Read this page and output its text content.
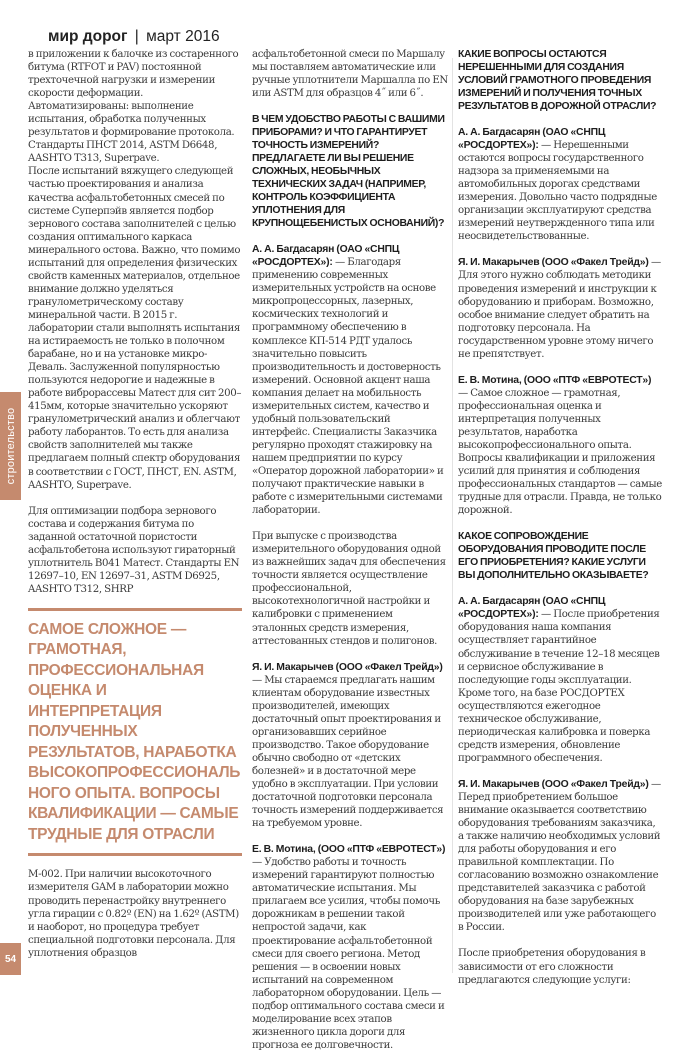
мир дорог | март 2016
строительство
54

в приложении к балочке из состаренного битума (RTFOT и PAV) постоянной трехточечной нагрузки и измерении скорости деформации. Автоматизированы: выполнение испытания, обработка полученных результатов и формирование протокола. Стандарты ПНСТ 2014, ASTM D6648, AASHTO T313, Superpave.

После испытаний вяжущего следующей частью проектирования и анализа качества асфальтобетонных смесей по системе Суперпэйв является подбор зернового состава заполнителей с целью создания оптимального каркаса минерального остова. Важно, что помимо испытаний для определения физических свойств каменных материалов, отдельное внимание должно уделяться гранулометрическому составу минеральной части. В 2015 г. лаборатории стали выполнять испытания на истираемость не только в полочном барабане, но и на установке микро-Деваль. Заслуженной популярностью пользуются недорогие и надежные в работе виброрассевы Матест для сит 200–415мм, которые значительно ускоряют гранулометрический анализ и облегчают работу лаборантов. То есть для анализа свойств заполнителей мы также предлагаем полный спектр оборудования в соответствии с ГОСТ, ПНСТ, EN. ASTM, AASHTO, Superpave.

Для оптимизации подбора зернового состава и содержания битума по заданной остаточной пористости асфальтобетона используют гираторный уплотнитель B041 Матест. Стандарты EN 12697–10, EN 12697–31, ASTM D6925, AASHTO T312, SHRP

САМОЕ СЛОЖНОЕ — ГРАМОТНАЯ, ПРОФЕССИОНАЛЬНАЯ ОЦЕНКА И ИНТЕРПРЕТАЦИЯ ПОЛУЧЕННЫХ РЕЗУЛЬТАТОВ, НАРАБОТКА ВЫСОКОПРОФЕССИОНАЛЬНОГО ОПЫТА. ВОПРОСЫ КВАЛИФИКАЦИИ — САМЫЕ ТРУДНЫЕ ДЛЯ ОТРАСЛИ

M-002. При наличии высокоточного измерителя GAM в лаборатории можно проводить перенастройку внутреннего угла гирации с 0.82º (EN) на 1.62º (ASTM) и наоборот, но процедура требует специальной подготовки персонала. Для уплотнения образцов

асфальтобетонной смеси по Маршалу мы поставляем автоматические или ручные уплотнители Маршалла по EN или ASTM для образцов 4˝ или 6˝.

В ЧЕМ УДОБСТВО РАБОТЫ С ВАШИМИ ПРИБОРАМИ? И ЧТО ГАРАНТИРУЕТ ТОЧНОСТЬ ИЗМЕРЕНИЙ? ПРЕДЛАГАЕТЕ ЛИ ВЫ РЕШЕНИЕ СЛОЖНЫХ, НЕОБЫЧНЫХ ТЕХНИЧЕСКИХ ЗАДАЧ (НАПРИМЕР, КОНТРОЛЬ КОЭФФИЦИЕНТА УПЛОТНЕНИЯ ДЛЯ КРУПНОЩЕБЕНИСТЫХ ОСНОВАНИЙ)?

А. А. Багдасарян (ОАО «СНПЦ «РОСДОРТЕХ»): — Благодаря применению современных измерительных устройств на основе микропроцессорных, лазерных, космических технологий и программному обеспечению в комплексе КП-514 РДТ удалось значительно повысить производительность и достоверность измерений. Основной акцент наша компания делает на мобильность измерительных систем, качество и удобный пользовательский интерфейс. Специалисты Заказчика регулярно проходят стажировку на нашем предприятии по курсу «Оператор дорожной лаборатории» и получают практические навыки в работе с измерительными системами лаборатории.

При выпуске с производства измерительного оборудования одной из важнейших задач для обеспечения точности является осуществление профессиональной, высокотехнологичной настройки и калибровки с применением эталонных средств измерения, аттестованных стендов и полигонов.

Я. И. Макарычев (ООО «Факел Трейд») — Мы стараемся предлагать нашим клиентам оборудование известных производителей, имеющих достаточный опыт проектирования и организовавших серийное производство. Такое оборудование обычно свободно от «детских болезней» и в достаточной мере удобно в эксплуатации. При условии достаточной подготовки персонала точность измерений поддерживается на требуемом уровне.

Е. В. Мотина, (ООО «ПТФ «ЕВРОТЕСТ») — Удобство работы и точность измерений гарантируют полностью автоматические испытания. Мы прилагаем все усилия, чтобы помочь дорожникам в решении такой непростой задачи, как проектирование асфальтобетонной смеси для своего региона. Метод решения — в освоении новых испытаний на современном лабораторном оборудовании. Цель — подбор оптимального состава смеси и моделирование всех этапов жизненного цикла дороги для прогноза ее долговечности.

КАКИЕ ВОПРОСЫ ОСТАЮТСЯ НЕРЕШЕННЫМИ ДЛЯ СОЗДАНИЯ УСЛОВИЙ ГРАМОТНОГО ПРОВЕДЕНИЯ ИЗМЕРЕНИЙ И ПОЛУЧЕНИЯ ТОЧНЫХ РЕЗУЛЬТАТОВ В ДОРОЖНОЙ ОТРАСЛИ?

А. А. Багдасарян (ОАО «СНПЦ «РОСДОРТЕХ»): — Нерешенными остаются вопросы государственного надзора за применяемыми на автомобильных дорогах средствами измерения. Довольно часто подрядные организации эксплуатируют средства измерений неутвержденного типа или неосвидетельствованные.

Я. И. Макарычев (ООО «Факел Трейд») — Для этого нужно соблюдать методики проведения измерений и инструкции к оборудованию и приборам. Возможно, особое внимание следует обратить на подготовку персонала. На государственном уровне этому ничего не препятствует.

Е. В. Мотина, (ООО «ПТФ «ЕВРОТЕСТ») — Самое сложное — грамотная, профессиональная оценка и интерпретация полученных результатов, наработка высокопрофессионального опыта. Вопросы квалификации и приложения усилий для принятия и соблюдения профессиональных стандартов — самые трудные для отрасли. Правда, не только дорожной.

КАКОЕ СОПРОВОЖДЕНИЕ ОБОРУДОВАНИЯ ПРОВОДИТЕ ПОСЛЕ ЕГО ПРИОБРЕТЕНИЯ? КАКИЕ УСЛУГИ ВЫ ДОПОЛНИТЕЛЬНО ОКАЗЫВАЕТЕ?

А. А. Багдасарян (ОАО «СНПЦ «РОСДОРТЕХ»): — После приобретения оборудования наша компания осуществляет гарантийное обслуживание в течение 12–18 месяцев и сервисное обслуживание в последующие годы эксплуатации. Кроме того, на базе РОСДОРТЕХ осуществляются ежегодное техническое обслуживание, периодическая калибровка и поверка средств измерения, обновление программного обеспечения.

Я. И. Макарычев (ООО «Факел Трейд») — Перед приобретением большое внимание оказывается соответствию оборудования требованиям заказчика, а также наличию необходимых условий для работы оборудования и его правильной комплектации. По согласованию возможно ознакомление представителей заказчика с работой оборудования на базе зарубежных производителей или уже работающего в России.

После приобретения оборудования в зависимости от его сложности предлагаются следующие услуги:
